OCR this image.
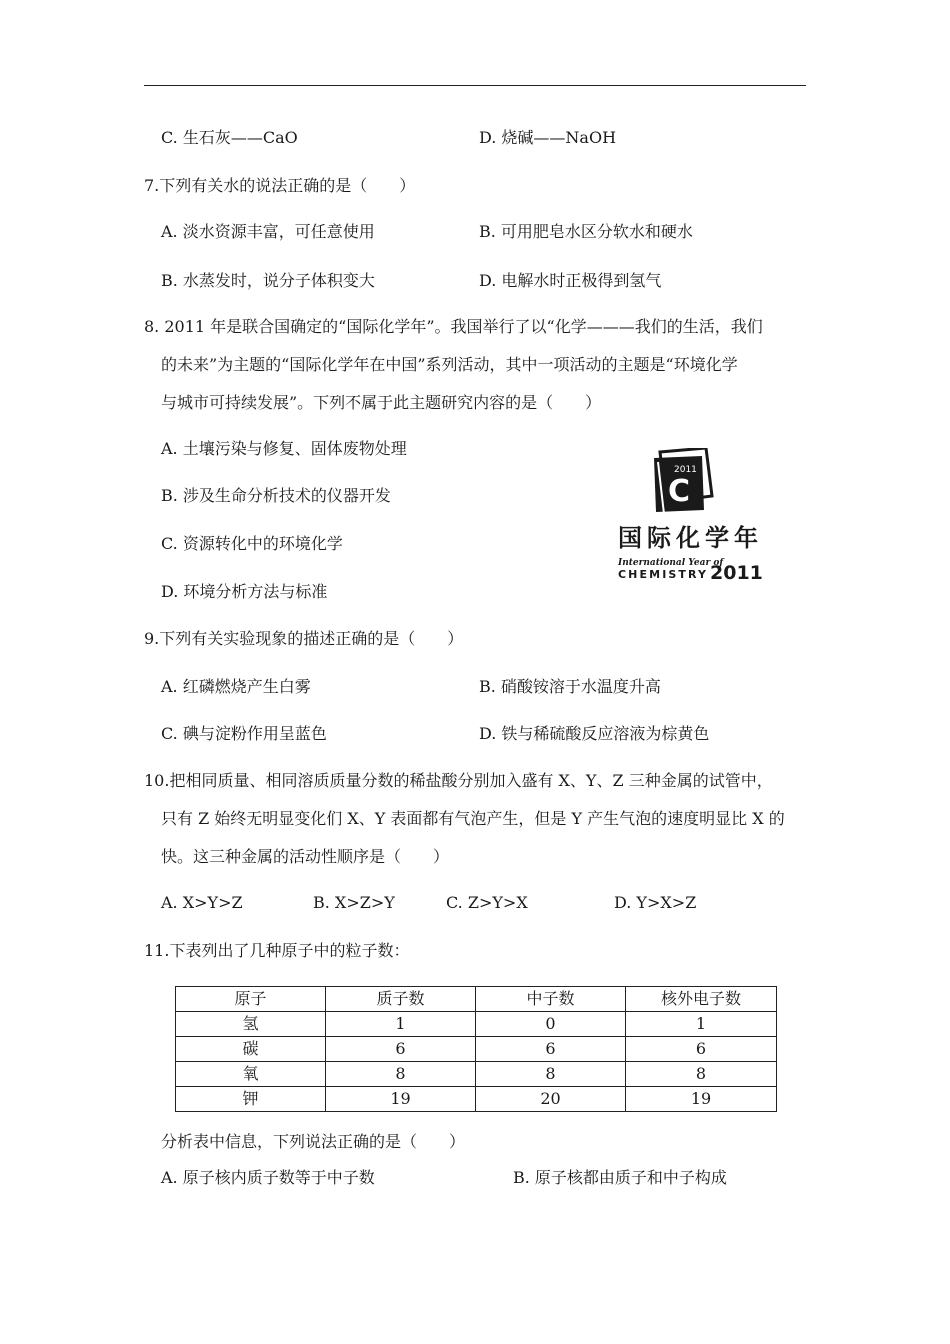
C. 生石灰——CaO	D. 烧碱——NaOH
7.下列有关水的说法正确的是（　　）
A. 淡水资源丰富，可任意使用	B. 可用肥皂水区分软水和硬水
B. 水蒸发时，说分子体积变大	D. 电解水时正极得到氢气
8. 2011 年是联合国确定的“国际化学年”。我国举行了以“化学———我们的生活，我们
的未来”为主题的“国际化学年在中国”系列活动，其中一项活动的主题是“环境化学
与城市可持续发展”。下列不属于此主题研究内容的是（　　）
A. 土壤污染与修复、固体废物处理
B. 涉及生命分析技术的仪器开发
C. 资源转化中的环境化学
D. 环境分析方法与标准
2011
C
国际化学年
International Year of
CHEMISTRY 2011
9.下列有关实验现象的描述正确的是（　　）
A. 红磷燃烧产生白雾	B. 硝酸铵溶于水温度升高
C. 碘与淀粉作用呈蓝色	D. 铁与稀硫酸反应溶液为棕黄色
10.把相同质量、相同溶质质量分数的稀盐酸分别加入盛有 X、Y、Z 三种金属的试管中，
只有 Z 始终无明显变化们 X、Y 表面都有气泡产生，但是 Y 产生气泡的速度明显比 X 的
快。这三种金属的活动性顺序是（　　）
A. X>Y>Z	B. X>Z>Y	C. Z>Y>X	D. Y>X>Z
11.下表列出了几种原子中的粒子数：
原子	质子数	中子数	核外电子数
氢	1	0	1
碳	6	6	6
氧	8	8	8
钾	19	20	19
分析表中信息，下列说法正确的是（　　）
A. 原子核内质子数等于中子数	B. 原子核都由质子和中子构成
